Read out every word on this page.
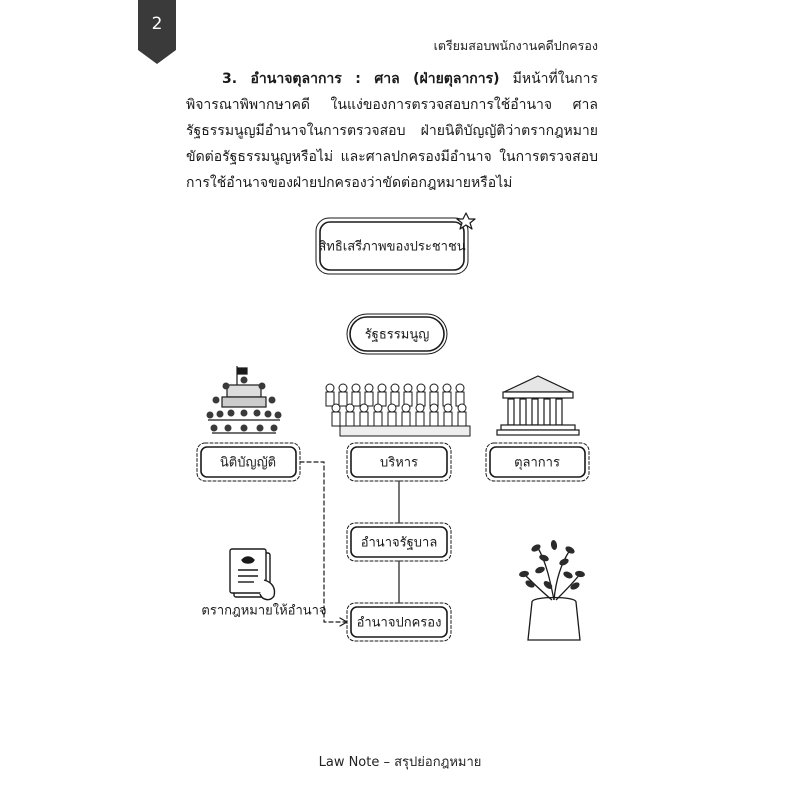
2
เตรียมสอบพนักงานคดีปกครอง
3. อำนาจตุลาการ : ศาล (ฝ่ายตุลาการ) มีหน้าที่ในการพิจารณาพิพากษาคดี ในแง่ของการตรวจสอบการใช้อำนาจ ศาลรัฐธรรมนูญมีอำนาจในการตรวจสอบ ฝ่ายนิติบัญญัติว่าตรากฎหมายขัดต่อรัฐธรรมนูญหรือไม่ และศาลปกครองมีอำนาจ ในการตรวจสอบการใช้อำนาจของฝ่ายปกครองว่าขัดต่อกฎหมายหรือไม่
สิทธิเสรีภาพของประชาชน
รัฐธรรมนูญ
นิติบัญญัติ	บริหาร	ตุลาการ
อำนาจรัฐบาล
อำนาจปกครอง
ตรากฎหมายให้อำนาจ
Law Note – สรุปย่อกฎหมาย
